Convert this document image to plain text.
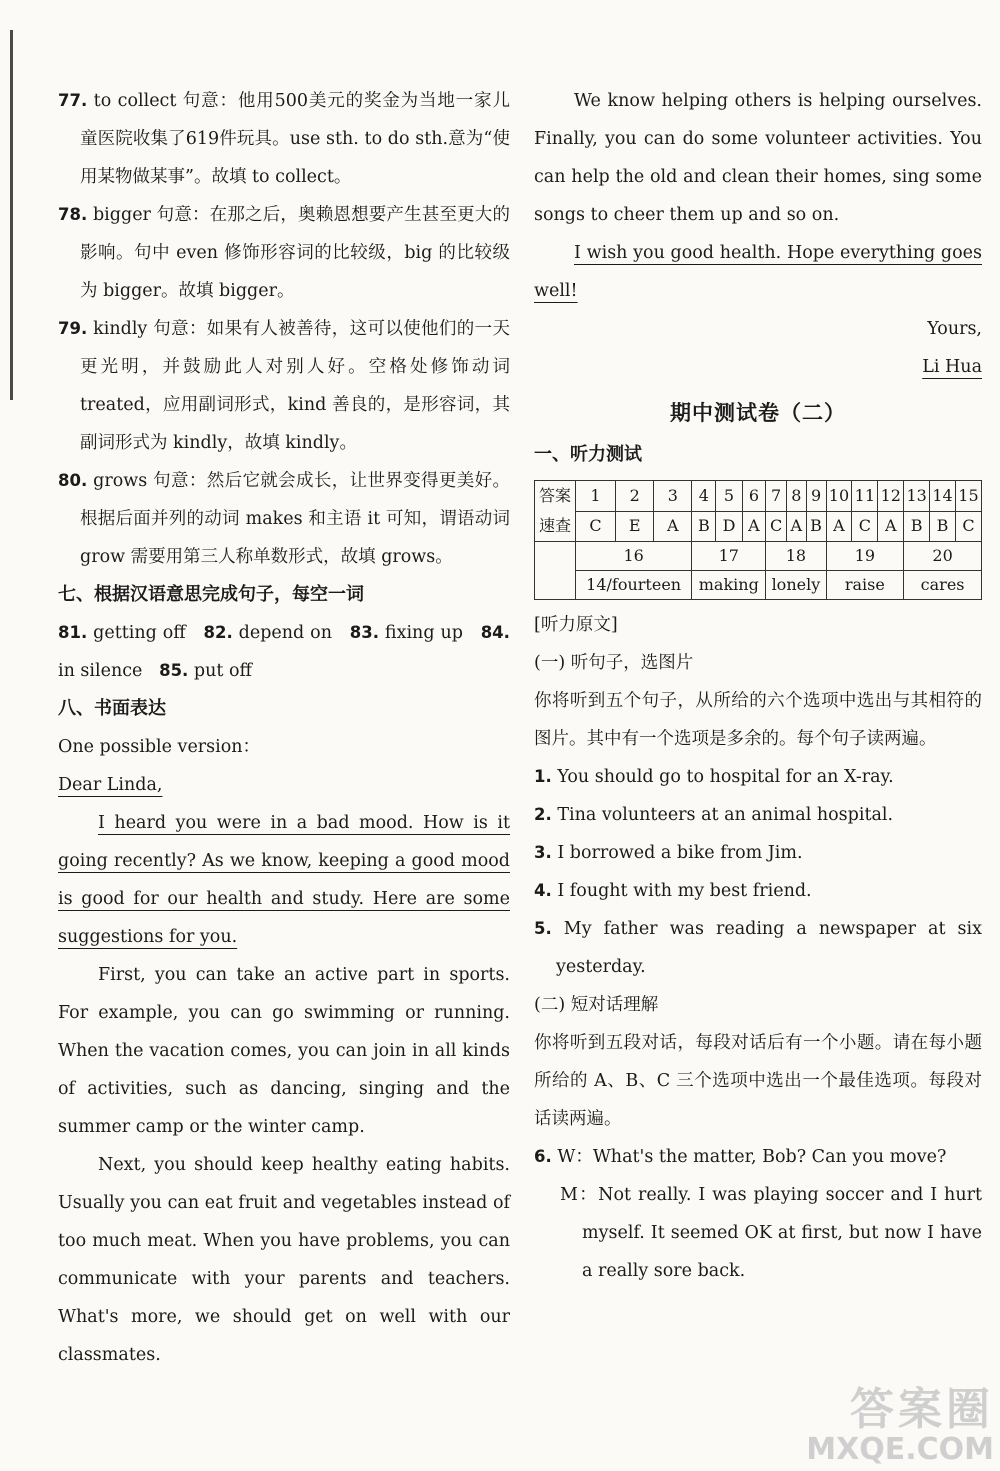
77. to collect 句意：他用500美元的奖金为当地一家儿童医院收集了619件玩具。use sth. to do sth.意为“使用某物做某事”。故填 to collect。

78. bigger 句意：在那之后，奥赖恩想要产生甚至更大的影响。句中 even 修饰形容词的比较级，big 的比较级为 bigger。故填 bigger。

79. kindly 句意：如果有人被善待，这可以使他们的一天更光明，并鼓励此人对别人好。空格处修饰动词 treated，应用副词形式，kind 善良的，是形容词，其副词形式为 kindly，故填 kindly。

80. grows 句意：然后它就会成长，让世界变得更美好。根据后面并列的动词 makes 和主语 it 可知，谓语动词 grow 需要用第三人称单数形式，故填 grows。

七、根据汉语意思完成句子，每空一词

81. getting off 82. depend on 83. fixing up 84. in silence 85. put off

八、书面表达

One possible version：

Dear Linda,

I heard you were in a bad mood. How is it going recently? As we know, keeping a good mood is good for our health and study. Here are some suggestions for you.

First, you can take an active part in sports. For example, you can go swimming or running. When the vacation comes, you can join in all kinds of activities, such as dancing, singing and the summer camp or the winter camp.

Next, you should keep healthy eating habits. Usually you can eat fruit and vegetables instead of too much meat. When you have problems, you can communicate with your parents and teachers. What's more, we should get on well with our classmates.

We know helping others is helping ourselves. Finally, you can do some volunteer activities. You can help the old and clean their homes, sing some songs to cheer them up and so on.

I wish you good health. Hope everything goes well!

Yours,

Li Hua

期中测试卷（二）

一、听力测试

答案
速查	1	2	3	4	5	6	7	8	9	10	11	12	13	14	15
	C	E	A	B	D	A	C	A	B	A	C	A	B	B	C
	16			17			18			19			20		
	14/fourteen			making			lonely			raise			cares		

[听力原文]

(一) 听句子，选图片

你将听到五个句子，从所给的六个选项中选出与其相符的图片。其中有一个选项是多余的。每个句子读两遍。

1. You should go to hospital for an X-ray.

2. Tina volunteers at an animal hospital.

3. I borrowed a bike from Jim.

4. I fought with my best friend.

5. My father was reading a newspaper at six yesterday.

(二) 短对话理解

你将听到五段对话，每段对话后有一个小题。请在每小题所给的 A、B、C 三个选项中选出一个最佳选项。每段对话读两遍。

6. W：What's the matter, Bob? Can you move?

M：Not really. I was playing soccer and I hurt myself. It seemed OK at first, but now I have a really sore back.

答案圈
MXQE.COM
